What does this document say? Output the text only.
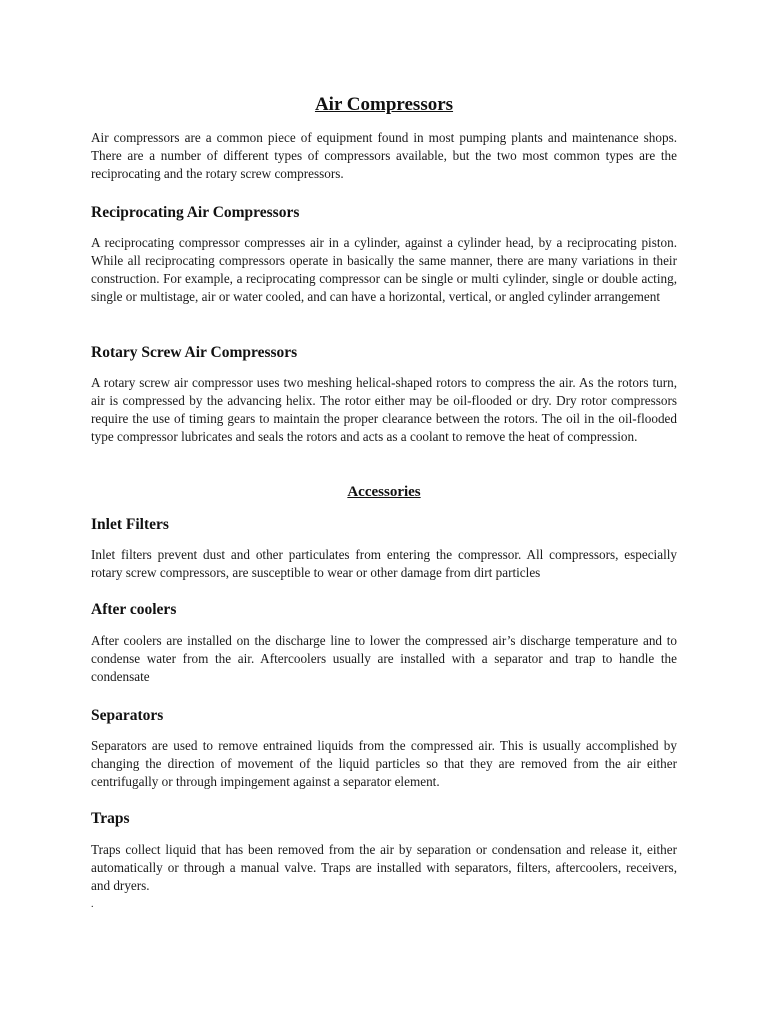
Air Compressors

Air compressors are a common piece of equipment found in most pumping plants and maintenance shops. There are a number of different types of compressors available, but the two most common types are the reciprocating and the rotary screw compressors.

Reciprocating Air Compressors

A reciprocating compressor compresses air in a cylinder, against a cylinder head, by a reciprocating piston. While all reciprocating compressors operate in basically the same manner, there are many variations in their construction. For example, a reciprocating compressor can be single or multi cylinder, single or double acting, single or multistage, air or water cooled, and can have a horizontal, vertical, or angled cylinder arrangement

Rotary Screw Air Compressors

A rotary screw air compressor uses two meshing helical-shaped rotors to compress the air. As the rotors turn, air is compressed by the advancing helix. The rotor either may be oil-flooded or dry. Dry rotor compressors require the use of timing gears to maintain the proper clearance between the rotors. The oil in the oil-flooded type compressor lubricates and seals the rotors and acts as a coolant to remove the heat of compression.

Accessories
Inlet Filters

Inlet filters prevent dust and other particulates from entering the compressor. All compressors, especially rotary screw compressors, are susceptible to wear or other damage from dirt particles

After coolers

After coolers are installed on the discharge line to lower the compressed air’s discharge temperature and to condense water from the air. Aftercoolers usually are installed with a separator and trap to handle the condensate

Separators

Separators are used to remove entrained liquids from the compressed air. This is usually accomplished by changing the direction of movement of the liquid particles so that they are removed from the air either centrifugally or through impingement against a separator element.

Traps

Traps collect liquid that has been removed from the air by separation or condensation and release it, either automatically or through a manual valve. Traps are installed with separators, filters, aftercoolers, receivers, and dryers.

.
